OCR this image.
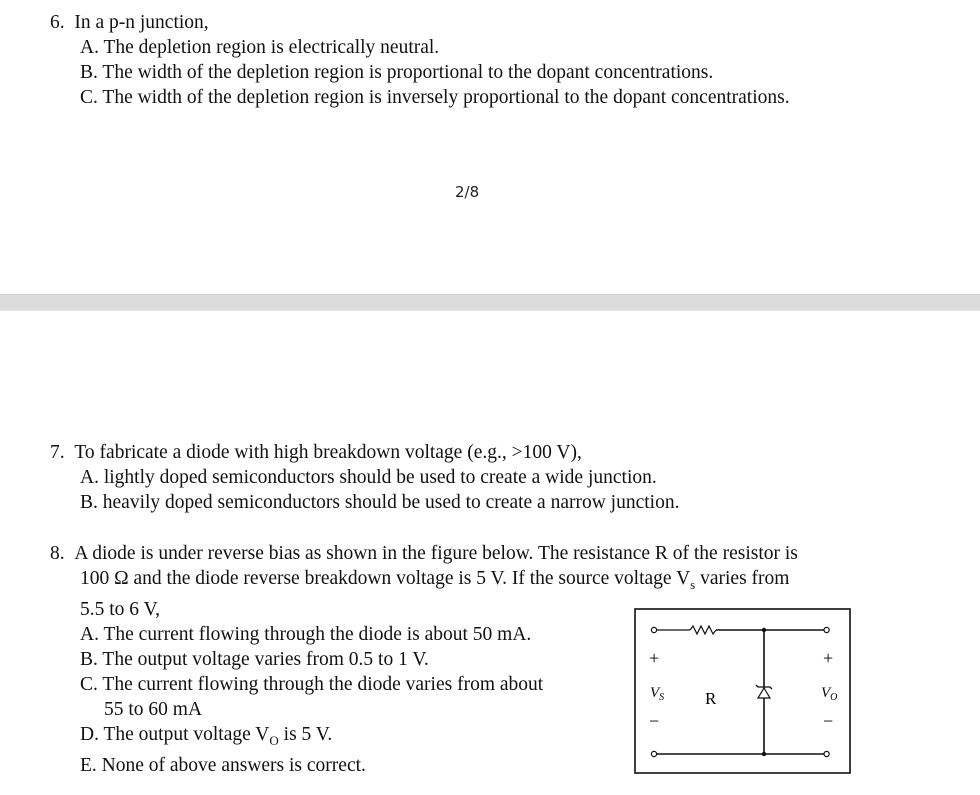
6. In a p-n junction,
A. The depletion region is electrically neutral.
B. The width of the depletion region is proportional to the dopant concentrations.
C. The width of the depletion region is inversely proportional to the dopant concentrations.
2/8
7. To fabricate a diode with high breakdown voltage (e.g., >100 V),
A. lightly doped semiconductors should be used to create a wide junction.
B. heavily doped semiconductors should be used to create a narrow junction.
8. A diode is under reverse bias as shown in the figure below. The resistance R of the resistor is
100 Ω and the diode reverse breakdown voltage is 5 V. If the source voltage $V_s$ varies from
5.5 to 6 V,
A. The current flowing through the diode is about 50 mA.
B. The output voltage varies from 0.5 to 1 V.
C. The current flowing through the diode varies from about
55 to 60 mA
D. The output voltage $V_O$ is 5 V.
E. None of above answers is correct.
+	+
$V_S$ R	$V_O$
−	−
